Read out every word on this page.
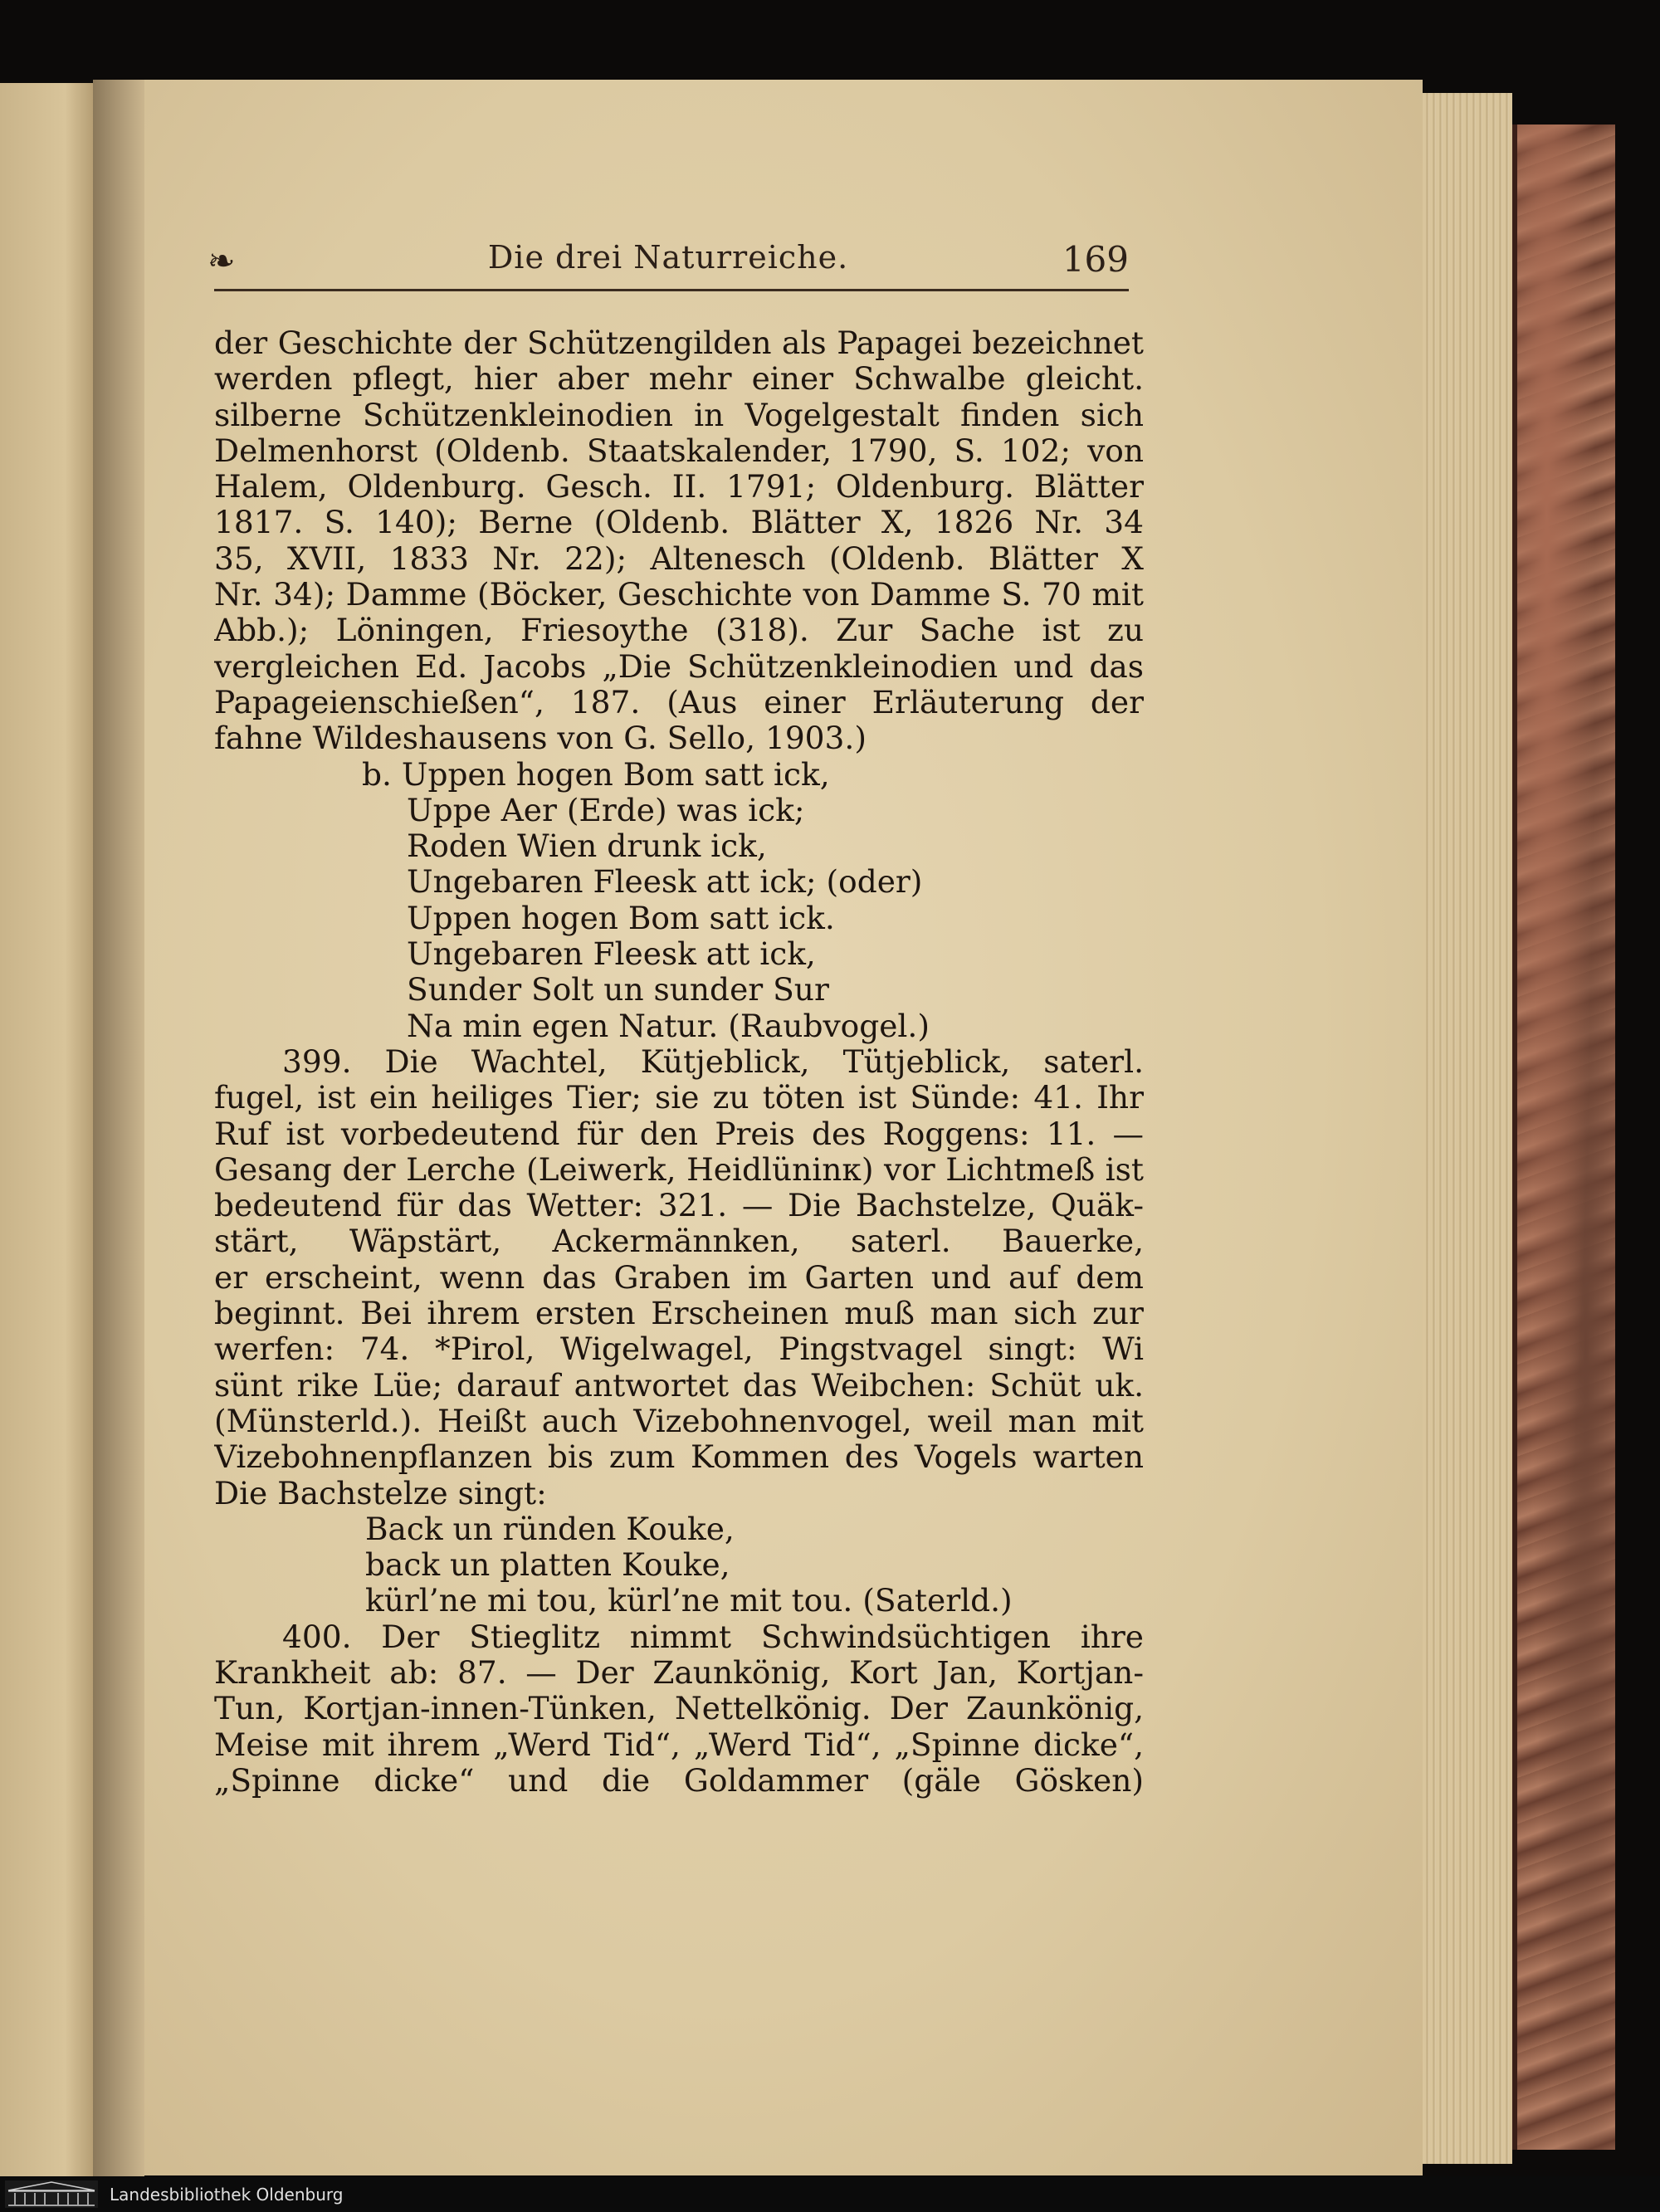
❧	Die drei Naturreiche.	169
der Geschichte der Schützengilden als Papagei bezeichnet
werden pflegt, hier aber mehr einer Schwalbe gleicht.
silberne Schützenkleinodien in Vogelgestalt finden sich
Delmenhorst (Oldenb. Staatskalender, 1790, S. 102; von
Halem, Oldenburg. Gesch. II. 1791; Oldenburg. Blätter
1817. S. 140); Berne (Oldenb. Blätter X, 1826 Nr. 34
35, XVII, 1833 Nr. 22); Altenesch (Oldenb. Blätter X
Nr. 34); Damme (Böcker, Geschichte von Damme S. 70 mit
Abb.); Löningen, Friesoythe (318). Zur Sache ist zu
vergleichen Ed. Jacobs „Die Schützenkleinodien und das
Papageienschießen“, 187. (Aus einer Erläuterung der
fahne Wildeshausens von G. Sello, 1903.)
b. Uppen hogen Bom satt ick,
Uppe Aer (Erde) was ick;
Roden Wien drunk ick,
Ungebaren Fleesk att ick; (oder)
Uppen hogen Bom satt ick.
Ungebaren Fleesk att ick,
Sunder Solt un sunder Sur
Na min egen Natur. (Raubvogel.)
399. Die Wachtel, Kütjeblick, Tütjeblick, saterl.
fugel, ist ein heiliges Tier; sie zu töten ist Sünde: 41. Ihr
Ruf ist vorbedeutend für den Preis des Roggens: 11. —
Gesang der Lerche (Leiwerk, Heidlüninк) vor Lichtmeß ist
bedeutend für das Wetter: 321. — Die Bachstelze, Quäk-
stärt, Wäpstärt, Ackermännken, saterl. Bauerke,
er erscheint, wenn das Graben im Garten und auf dem
beginnt. Bei ihrem ersten Erscheinen muß man sich zur
werfen: 74. *Pirol, Wigelwagel, Pingstvagel singt: Wi
sünt rike Lüe; darauf antwortet das Weibchen: Schüt uk.
(Münsterld.). Heißt auch Vizebohnenvogel, weil man mit
Vizebohnenpflanzen bis zum Kommen des Vogels warten
Die Bachstelze singt:
Back un ründen Kouke,
back un platten Kouke,
kürl’ne mi tou, kürl’ne mit tou. (Saterld.)
400. Der Stieglitz nimmt Schwindsüchtigen ihre
Krankheit ab: 87. — Der Zaunkönig, Kort Jan, Kortjan-
Tun, Kortjan-innen-Tünken, Nettelkönig. Der Zaunkönig,
Meise mit ihrem „Werd Tid“, „Werd Tid“, „Spinne dicke“,
„Spinne dicke“ und die Goldammer (gäle Gösken)
Landesbibliothek Oldenburg
